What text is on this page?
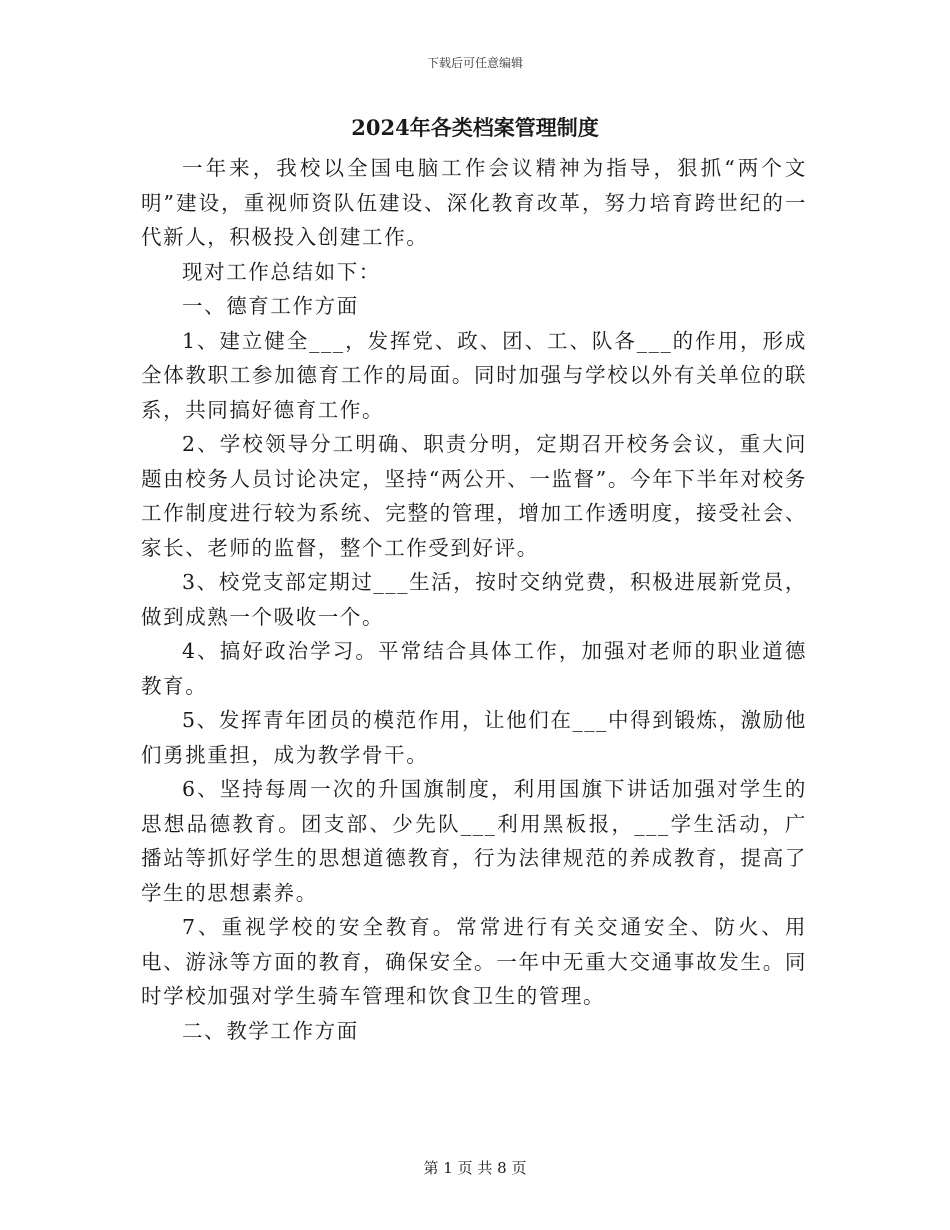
下载后可任意编辑
2024年各类档案管理制度

一年来，我校以全国电脑工作会议精神为指导，狠抓“两个文明”建设，重视师资队伍建设、深化教育改革，努力培育跨世纪的一代新人，积极投入创建工作。

现对工作总结如下：

一、德育工作方面

1、建立健全___，发挥党、政、团、工、队各___的作用，形成全体教职工参加德育工作的局面。同时加强与学校以外有关单位的联系，共同搞好德育工作。

2、学校领导分工明确、职责分明，定期召开校务会议，重大问题由校务人员讨论决定，坚持“两公开、一监督”。今年下半年对校务工作制度进行较为系统、完整的管理，增加工作透明度，接受社会、家长、老师的监督，整个工作受到好评。

3、校党支部定期过___生活，按时交纳党费，积极进展新党员，做到成熟一个吸收一个。

4、搞好政治学习。平常结合具体工作，加强对老师的职业道德教育。

5、发挥青年团员的模范作用，让他们在___中得到锻炼，激励他们勇挑重担，成为教学骨干。

6、坚持每周一次的升国旗制度，利用国旗下讲话加强对学生的思想品德教育。团支部、少先队___利用黑板报，___学生活动，广播站等抓好学生的思想道德教育，行为法律规范的养成教育，提高了学生的思想素养。

7、重视学校的安全教育。常常进行有关交通安全、防火、用电、游泳等方面的教育，确保安全。一年中无重大交通事故发生。同时学校加强对学生骑车管理和饮食卫生的管理。

二、教学工作方面

第 1 页 共 8 页
